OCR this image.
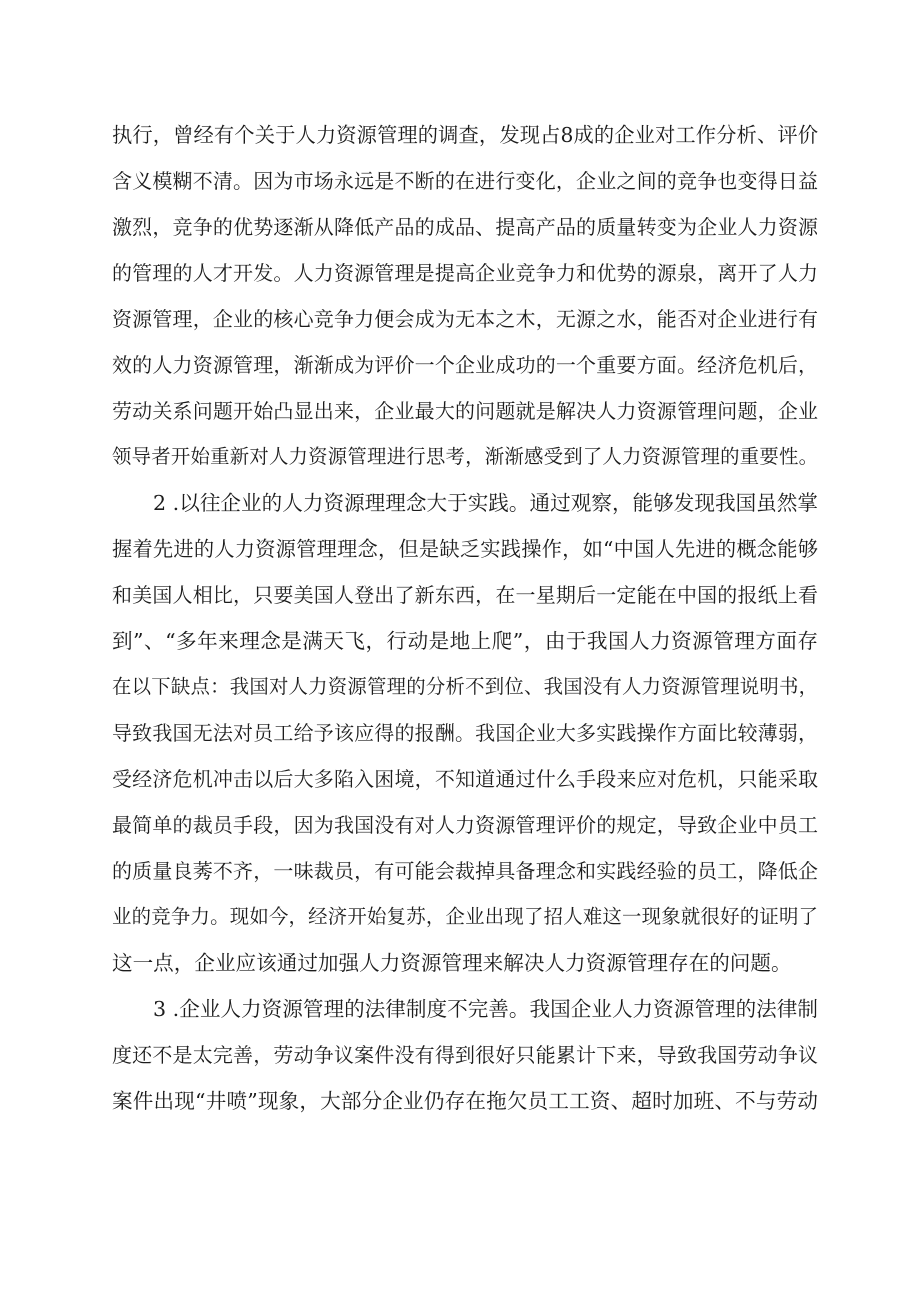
执行，曾经有个关于人力资源管理的调查，发现占8成的企业对工作分析、评价
含义模糊不清。因为市场永远是不断的在进行变化，企业之间的竞争也变得日益
激烈，竞争的优势逐渐从降低产品的成品、提高产品的质量转变为企业人力资源
的管理的人才开发。人力资源管理是提高企业竞争力和优势的源泉，离开了人力
资源管理，企业的核心竞争力便会成为无本之木，无源之水，能否对企业进行有
效的人力资源管理，渐渐成为评价一个企业成功的一个重要方面。经济危机后，
劳动关系问题开始凸显出来，企业最大的问题就是解决人力资源管理问题，企业
领导者开始重新对人力资源管理进行思考，渐渐感受到了人力资源管理的重要性。
2 .以往企业的人力资源理理念大于实践。通过观察，能够发现我国虽然掌
握着先进的人力资源管理理念，但是缺乏实践操作，如“中国人先进的概念能够
和美国人相比，只要美国人登出了新东西，在一星期后一定能在中国的报纸上看
到”、“多年来理念是满天飞，行动是地上爬”，由于我国人力资源管理方面存
在以下缺点：我国对人力资源管理的分析不到位、我国没有人力资源管理说明书，
导致我国无法对员工给予该应得的报酬。我国企业大多实践操作方面比较薄弱，
受经济危机冲击以后大多陷入困境，不知道通过什么手段来应对危机，只能采取
最简单的裁员手段，因为我国没有对人力资源管理评价的规定，导致企业中员工
的质量良莠不齐，一味裁员，有可能会裁掉具备理念和实践经验的员工，降低企
业的竞争力。现如今，经济开始复苏，企业出现了招人难这一现象就很好的证明了
这一点，企业应该通过加强人力资源管理来解决人力资源管理存在的问题。
3 .企业人力资源管理的法律制度不完善。我国企业人力资源管理的法律制
度还不是太完善，劳动争议案件没有得到很好只能累计下来，导致我国劳动争议
案件出现“井喷”现象，大部分企业仍存在拖欠员工工资、超时加班、不与劳动
